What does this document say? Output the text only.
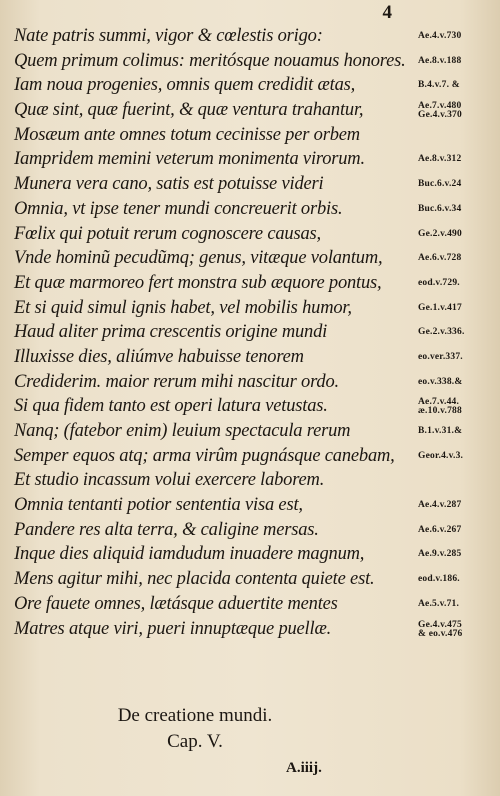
4
Nate patris summi, vigor & cœlestis origo:	Ae.4.v.730
Quem primum colimus: meritósque nouamus honores. Ae.8.v.188
Iam noua progenies, omnis quem credidit ætas,	B.4.v.7. &
Quæ sint, quæ fuerint, & quæ ventura trahantur,	Ae.7.v.480
Ge.4.v.370
Mosæum ante omnes totum cecinisse per orbem
Iampridem memini veterum monimenta virorum.	Ae.8.v.312
Munera vera cano, satis est potuisse videri	Buc.6.v.24
Omnia, vt ipse tener mundi concreuerit orbis.	Buc.6.v.34
Fœlix qui potuit rerum cognoscere causas,	Ge.2.v.490
Vnde hominũ pecudũmq; genus, vitæque volantum,	Ae.6.v.728
Et quæ marmoreo fert monstra sub æquore pontus,	eod.v.729.
Et si quid simul ignis habet, vel mobilis humor,	Ge.1.v.417
Haud aliter prima crescentis origine mundi	Ge.2.v.336.
Illuxisse dies, aliúmve habuisse tenorem	eo.ver.337.
Crediderim. maior rerum mihi nascitur ordo.	eo.v.338.&
Si qua fidem tanto est operi latura vetustas.	Ae.7.v.44.
æ.10.v.788
Nanq; (fatebor enim) leuium spectacula rerum	B.1.v.31.&
Semper equos atq; arma virûm pugnásque canebam, Geor.4.v.3.
Et studio incassum volui exercere laborem.
Omnia tentanti potior sententia visa est,	Ae.4.v.287
Pandere res alta terra, & caligine mersas.	Ae.6.v.267
Inque dies aliquid iamdudum inuadere magnum,	Ae.9.v.285
Mens agitur mihi, nec placida contenta quiete est.	eod.v.186.
Ore fauete omnes, lætásque aduertite mentes	Ae.5.v.71.
Matres atque viri, pueri innuptæque puellæ.	Ge.4.v.475
& eo.v.476
De creatione mundi.
Cap. V.
A.iiij.
